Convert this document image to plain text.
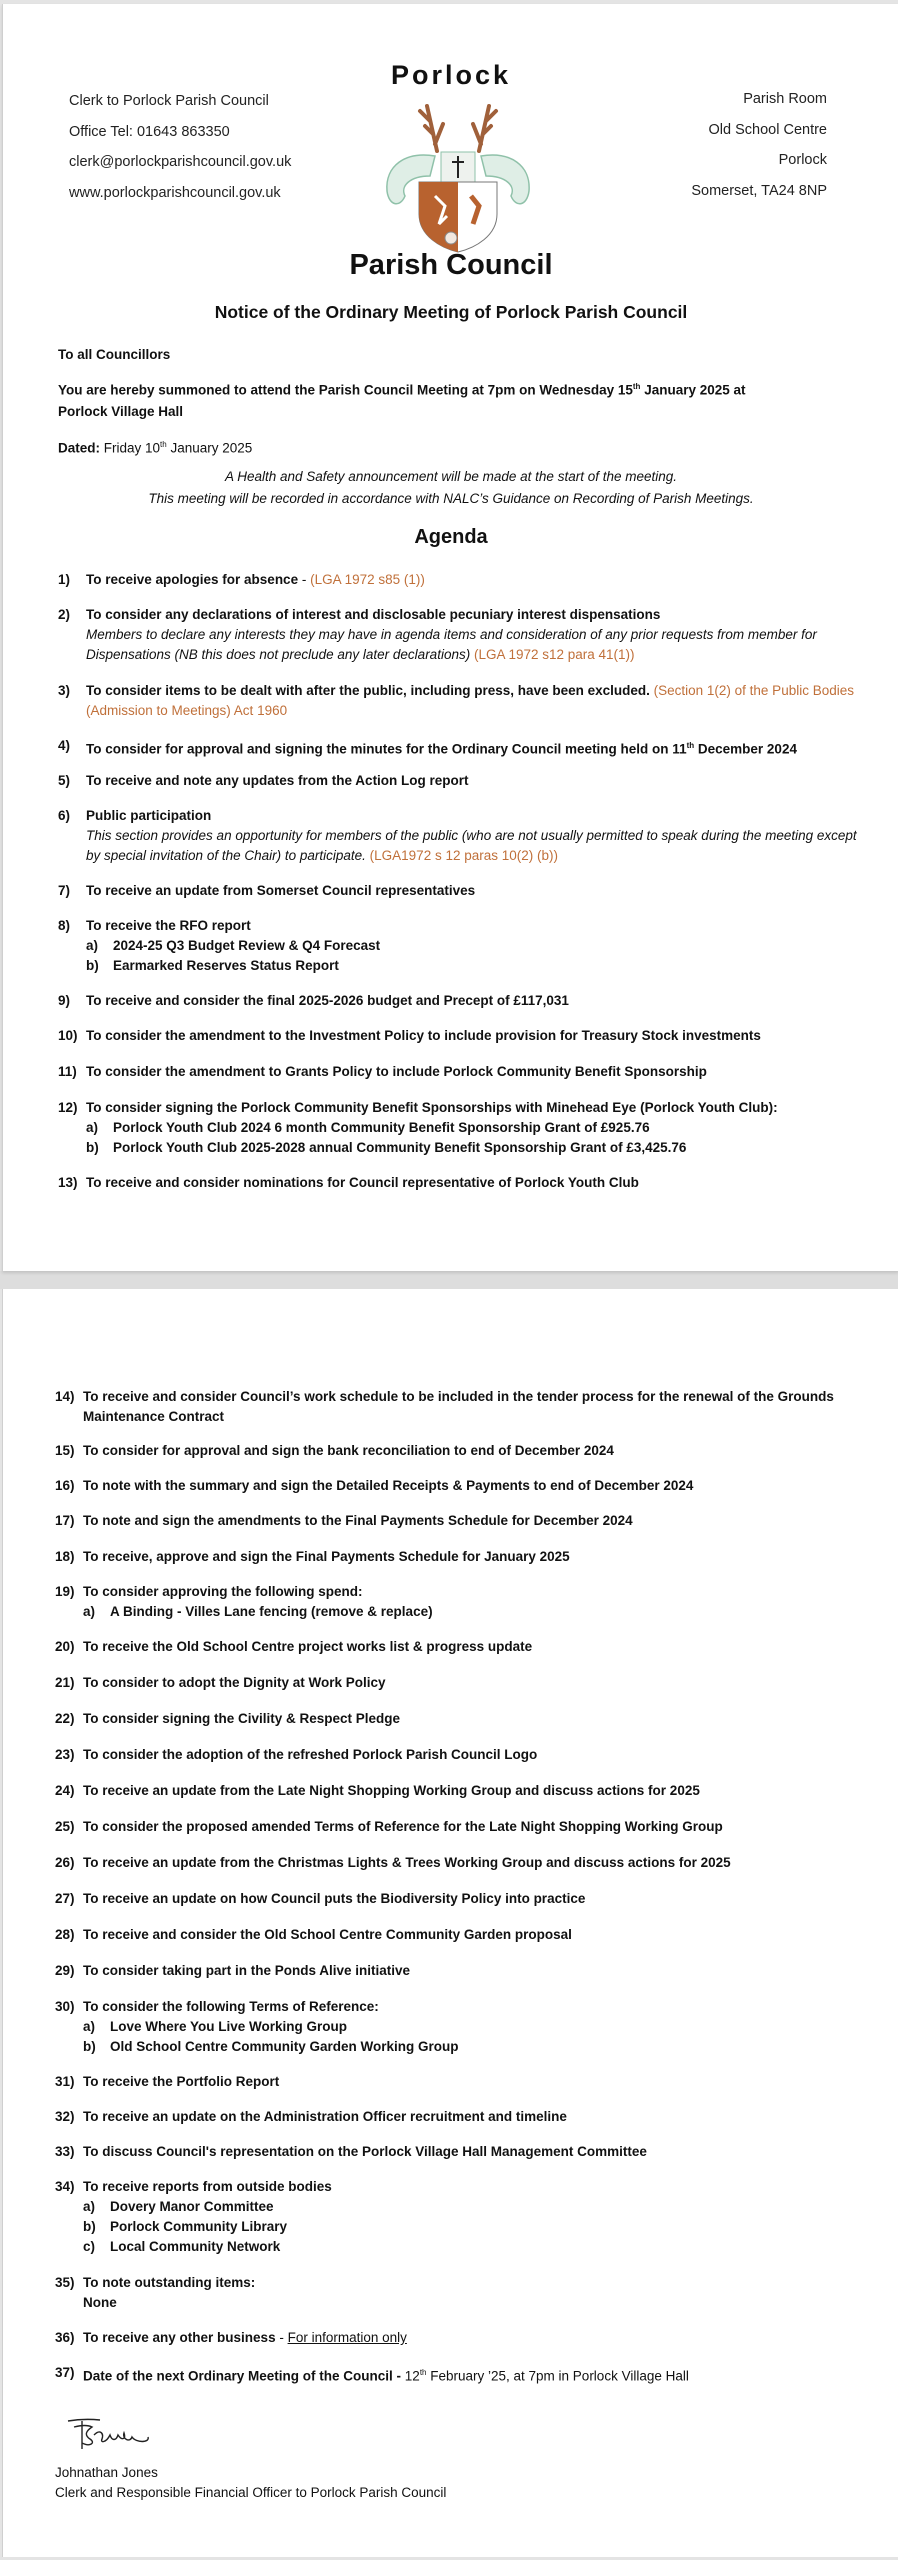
Clerk to Porlock Parish Council
Office Tel: 01643 863350
clerk@porlockparishcouncil.gov.uk
www.porlockparishcouncil.gov.uk
Porlock
Parish Council
Parish Room
Old School Centre
Porlock
Somerset, TA24 8NP
Notice of the Ordinary Meeting of Porlock Parish Council
To all Councillors
You are hereby summoned to attend the Parish Council Meeting at 7pm on Wednesday 15th January 2025 at
Porlock Village Hall
Dated: Friday 10th January 2025
A Health and Safety announcement will be made at the start of the meeting.
This meeting will be recorded in accordance with NALC’s Guidance on Recording of Parish Meetings.
Agenda
1) To receive apologies for absence - (LGA 1972 s85 (1))
2) To consider any declarations of interest and disclosable pecuniary interest dispensations
Members to declare any interests they may have in agenda items and consideration of any prior requests from member for Dispensations (NB this does not preclude any later declarations) (LGA 1972 s12 para 41(1))
3) To consider items to be dealt with after the public, including press, have been excluded. (Section 1(2) of the Public Bodies (Admission to Meetings) Act 1960
4) To consider for approval and signing the minutes for the Ordinary Council meeting held on 11th December 2024
5) To receive and note any updates from the Action Log report
6) Public participation
This section provides an opportunity for members of the public (who are not usually permitted to speak during the meeting except by special invitation of the Chair) to participate. (LGA1972 s 12 paras 10(2) (b))
7) To receive an update from Somerset Council representatives
8) To receive the RFO report
a) 2024-25 Q3 Budget Review & Q4 Forecast
b) Earmarked Reserves Status Report
9) To receive and consider the final 2025-2026 budget and Precept of £117,031
10) To consider the amendment to the Investment Policy to include provision for Treasury Stock investments
11) To consider the amendment to Grants Policy to include Porlock Community Benefit Sponsorship
12) To consider signing the Porlock Community Benefit Sponsorships with Minehead Eye (Porlock Youth Club):
a) Porlock Youth Club 2024 6 month Community Benefit Sponsorship Grant of £925.76
b) Porlock Youth Club 2025-2028 annual Community Benefit Sponsorship Grant of £3,425.76
13) To receive and consider nominations for Council representative of Porlock Youth Club
14) To receive and consider Council’s work schedule to be included in the tender process for the renewal of the Grounds Maintenance Contract
15) To consider for approval and sign the bank reconciliation to end of December 2024
16) To note with the summary and sign the Detailed Receipts & Payments to end of December 2024
17) To note and sign the amendments to the Final Payments Schedule for December 2024
18) To receive, approve and sign the Final Payments Schedule for January 2025
19) To consider approving the following spend:
a) A Binding - Villes Lane fencing (remove & replace)
20) To receive the Old School Centre project works list & progress update
21) To consider to adopt the Dignity at Work Policy
22) To consider signing the Civility & Respect Pledge
23) To consider the adoption of the refreshed Porlock Parish Council Logo
24) To receive an update from the Late Night Shopping Working Group and discuss actions for 2025
25) To consider the proposed amended Terms of Reference for the Late Night Shopping Working Group
26) To receive an update from the Christmas Lights & Trees Working Group and discuss actions for 2025
27) To receive an update on how Council puts the Biodiversity Policy into practice
28) To receive and consider the Old School Centre Community Garden proposal
29) To consider taking part in the Ponds Alive initiative
30) To consider the following Terms of Reference:
a) Love Where You Live Working Group
b) Old School Centre Community Garden Working Group
31) To receive the Portfolio Report
32) To receive an update on the Administration Officer recruitment and timeline
33) To discuss Council's representation on the Porlock Village Hall Management Committee
34) To receive reports from outside bodies
a) Dovery Manor Committee
b) Porlock Community Library
c) Local Community Network
35) To note outstanding items:
None
36) To receive any other business - For information only
37) Date of the next Ordinary Meeting of the Council - 12th February ’25, at 7pm in Porlock Village Hall
Johnathan Jones
Clerk and Responsible Financial Officer to Porlock Parish Council
